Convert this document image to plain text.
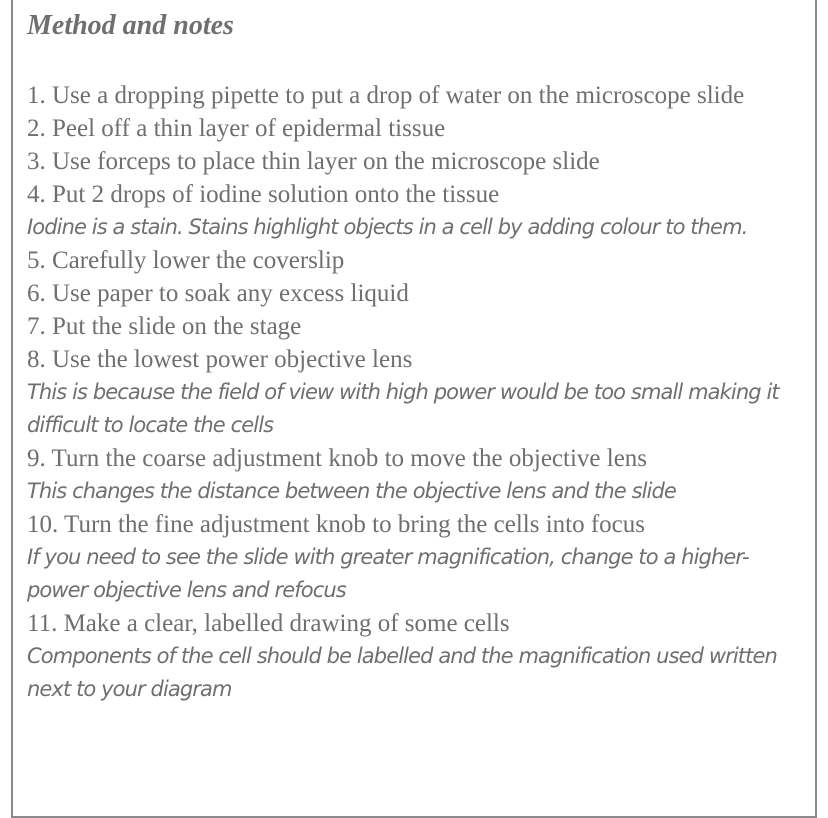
Method and notes
1. Use a dropping pipette to put a drop of water on the microscope slide
2. Peel off a thin layer of epidermal tissue
3. Use forceps to place thin layer on the microscope slide
4. Put 2 drops of iodine solution onto the tissue
Iodine is a stain. Stains highlight objects in a cell by adding colour to them.
5. Carefully lower the coverslip
6. Use paper to soak any excess liquid
7. Put the slide on the stage
8. Use the lowest power objective lens
This is because the field of view with high power would be too small making it difficult to locate the cells
9. Turn the coarse adjustment knob to move the objective lens
This changes the distance between the objective lens and the slide
10. Turn the fine adjustment knob to bring the cells into focus
If you need to see the slide with greater magnification, change to a higher-power objective lens and refocus
11. Make a clear, labelled drawing of some cells
Components of the cell should be labelled and the magnification used written next to your diagram
